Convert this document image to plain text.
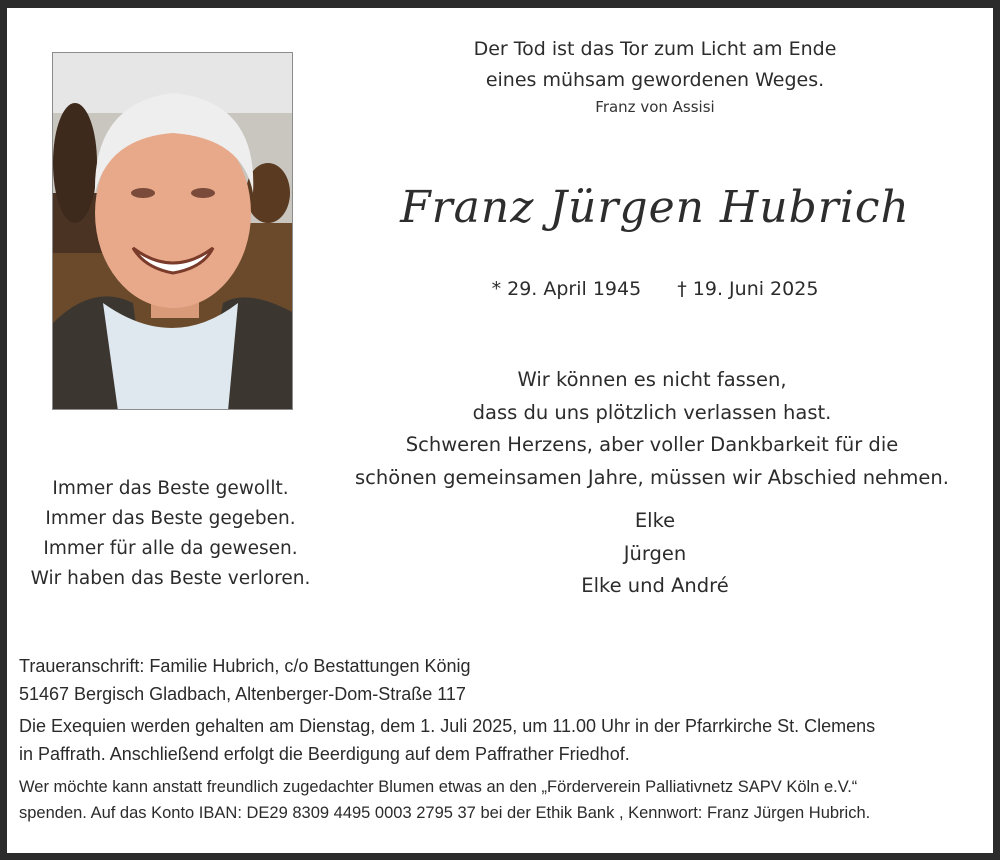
Der Tod ist das Tor zum Licht am Ende
eines mühsam gewordenen Weges.
Franz von Assisi
Franz Jürgen Hubrich
* 29. April 1945 † 19. Juni 2025
Wir können es nicht fassen,
dass du uns plötzlich verlassen hast.
Schweren Herzens, aber voller Dankbarkeit für die
schönen gemeinsamen Jahre, müssen wir Abschied nehmen.
Elke
Jürgen
Elke und André
Immer das Beste gewollt.
Immer das Beste gegeben.
Immer für alle da gewesen.
Wir haben das Beste verloren.
Traueranschrift: Familie Hubrich, c/o Bestattungen König
51467 Bergisch Gladbach, Altenberger-Dom-Straße 117
Die Exequien werden gehalten am Dienstag, dem 1. Juli 2025, um 11.00 Uhr in der Pfarrkirche St. Clemens
in Paffrath. Anschließend erfolgt die Beerdigung auf dem Paffrather Friedhof.
Wer möchte kann anstatt freundlich zugedachter Blumen etwas an den „Förderverein Palliativnetz SAPV Köln e.V.“
spenden. Auf das Konto IBAN: DE29 8309 4495 0003 2795 37 bei der Ethik Bank , Kennwort: Franz Jürgen Hubrich.
